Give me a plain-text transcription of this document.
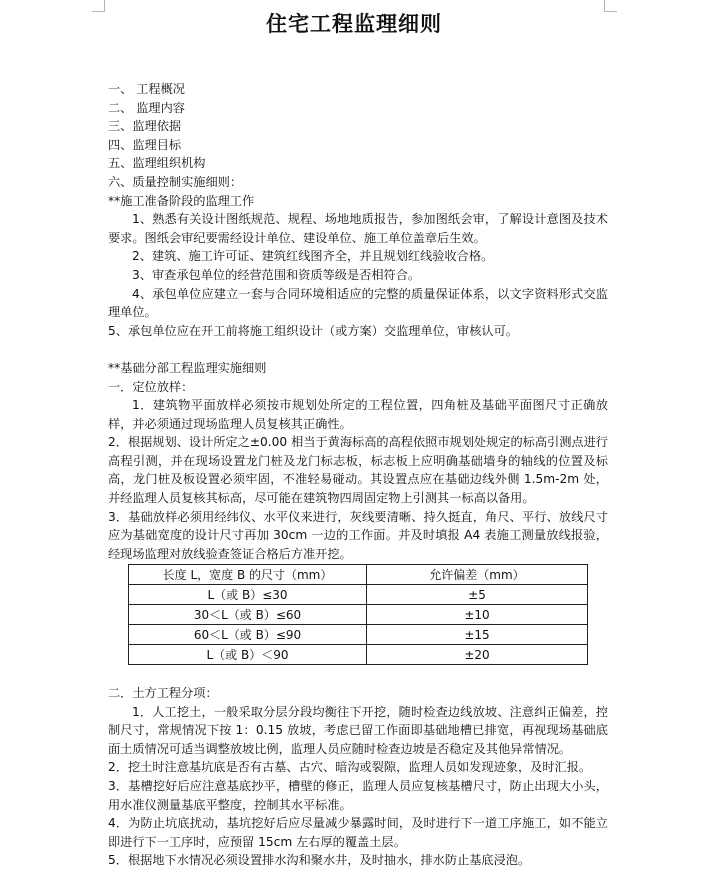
住宅工程监理细则
一、 工程概况
二、 监理内容
三、监理依据
四、监理目标
五、监理组织机构
六、质量控制实施细则：
**施工准备阶段的监理工作
1、熟悉有关设计图纸规范、规程、场地地质报告，参加图纸会审，了解设计意图及技术要求。图纸会审纪要需经设计单位、建设单位、施工单位盖章后生效。
2、建筑、施工许可证、建筑红线图齐全，并且规划红线验收合格。
3、审查承包单位的经营范围和资质等级是否相符合。
4、承包单位应建立一套与合同环境相适应的完整的质量保证体系，以文字资料形式交监理单位。
5、承包单位应在开工前将施工组织设计（或方案）交监理单位，审核认可。
**基础分部工程监理实施细则
一．定位放样：
1．建筑物平面放样必须按市规划处所定的工程位置，四角桩及基础平面图尺寸正确放样，并必须通过现场监理人员复核其正确性。
2．根据规划、设计所定之±0.00 相当于黄海标高的高程依照市规划处规定的标高引测点进行高程引测，并在现场设置龙门桩及龙门标志板，标志板上应明确基础墙身的轴线的位置及标高，龙门桩及板设置必须牢固，不准轻易碰动。其设置点应在基础边线外侧 1.5m-2m 处，并经监理人员复核其标高，尽可能在建筑物四周固定物上引测其一标高以备用。
3．基础放样必须用经纬仪、水平仪来进行，灰线要清晰、持久挺直，角尺、平行、放线尺寸应为基础宽度的设计尺寸再加 30cm 一边的工作面。并及时填报 A4 表施工测量放线报验，经现场监理对放线验查签证合格后方准开挖。
长度 L，宽度 B 的尺寸（mm）	允许偏差（mm）
L（或 B）≤30	±5
30＜L（或 B）≤60	±10
60＜L（或 B）≤90	±15
L（或 B）＜90	±20
二．土方工程分项：
1．人工挖土，一般采取分层分段均衡往下开挖，随时检查边线放坡、注意纠正偏差，控制尺寸，常规情况下按 1：0.15 放坡，考虑已留工作面即基础地槽已排宽，再视现场基础底面土质情况可适当调整放坡比例，监理人员应随时检查边坡是否稳定及其他异常情况。
2．挖土时注意基坑底是否有古墓、古穴、暗沟或裂隙，监理人员如发现迹象，及时汇报。
3．基槽挖好后应注意基底抄平，槽壁的修正，监理人员应复核基槽尺寸，防止出现大小头，用水准仪测量基底平整度，控制其水平标准。
4．为防止坑底扰动，基坑挖好后应尽量减少暴露时间，及时进行下一道工序施工，如不能立即进行下一工序时，应预留 15cm 左右厚的覆盖土层。
5．根据地下水情况必须设置排水沟和聚水井，及时抽水，排水防止基底浸泡。
